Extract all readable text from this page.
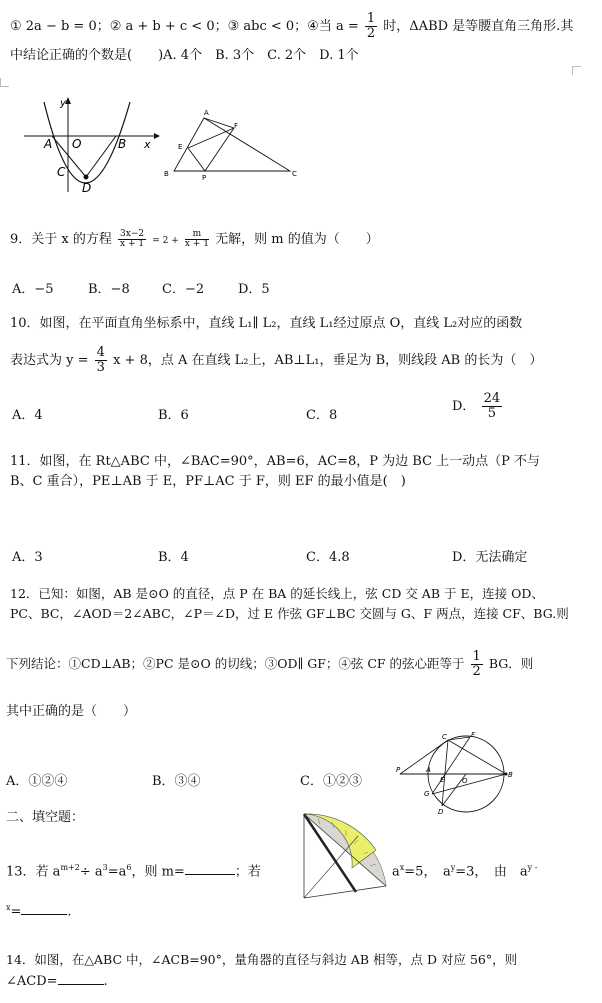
① 2a − b = 0；② a + b + c < 0；③ abc < 0；④当 $a = \frac{1}{2}$ 时，ΔABD 是等腰直角三角形.其
中结论正确的个数是(　　)A. 4个　B. 3个　C. 2个　D. 1个
y
A O	B x
C
D
A
F
E
B	P	C
9．关于 x 的方程 $\frac{3x-2}{x + 1} = 2 + \frac{m}{x + 1}$ 无解，则 m 的值为（　　）
A．−5	B．−8 C．−2	D．5
10．如图，在平面直角坐标系中，直线 L₁∥ L₂，直线 L₁经过原点 O，直线 L₂对应的函数
表达式为 $y = \frac{4}{3}$ x + 8，点 A 在直线 L₂上，AB⊥L₁，垂足为 B，则线段 AB 的长为（　）
A．4	B．6	C．8
D． $\frac{24}{5}$
11．如图，在 Rt△ABC 中，∠BAC=90°，AB=6，AC=8，P 为边 BC 上一动点（P 不与
B、C 重合），PE⊥AB 于 E，PF⊥AC 于 F，则 EF 的最小值是(　)
A．3	B．4	C．4.8	D．无法确定
12．已知：如图，AB 是⊙O 的直径，点 P 在 BA 的延长线上，弦 CD 交 AB 于 E，连接 OD、
PC、BC，∠AOD＝2∠ABC，∠P＝∠D，过 E 作弦 GF⊥BC 交圆与 G、F 两点，连接 CF、BG.则
下列结论：①CD⊥AB；②PC 是⊙O 的切线；③OD∥ GF；④弦 CF 的弦心距等于 $\frac{1}{2}$ BG．则
其中正确的是（　　）
C	F
P	A
E	O
B
G
D
A．①②④	B．③④	C．①②③
二、填空题：
13．若 $a^{m+2}\div a^3=a^6$，则 m=	；若	$a^x=5$，　$a^y=3$，　由　$a^{y -}$
$^x$=	.
14．如图，在△ABC 中，∠ACB=90°，量角器的直径与斜边 AB 相等，点 D 对应 56°，则
∠ACD=	.
